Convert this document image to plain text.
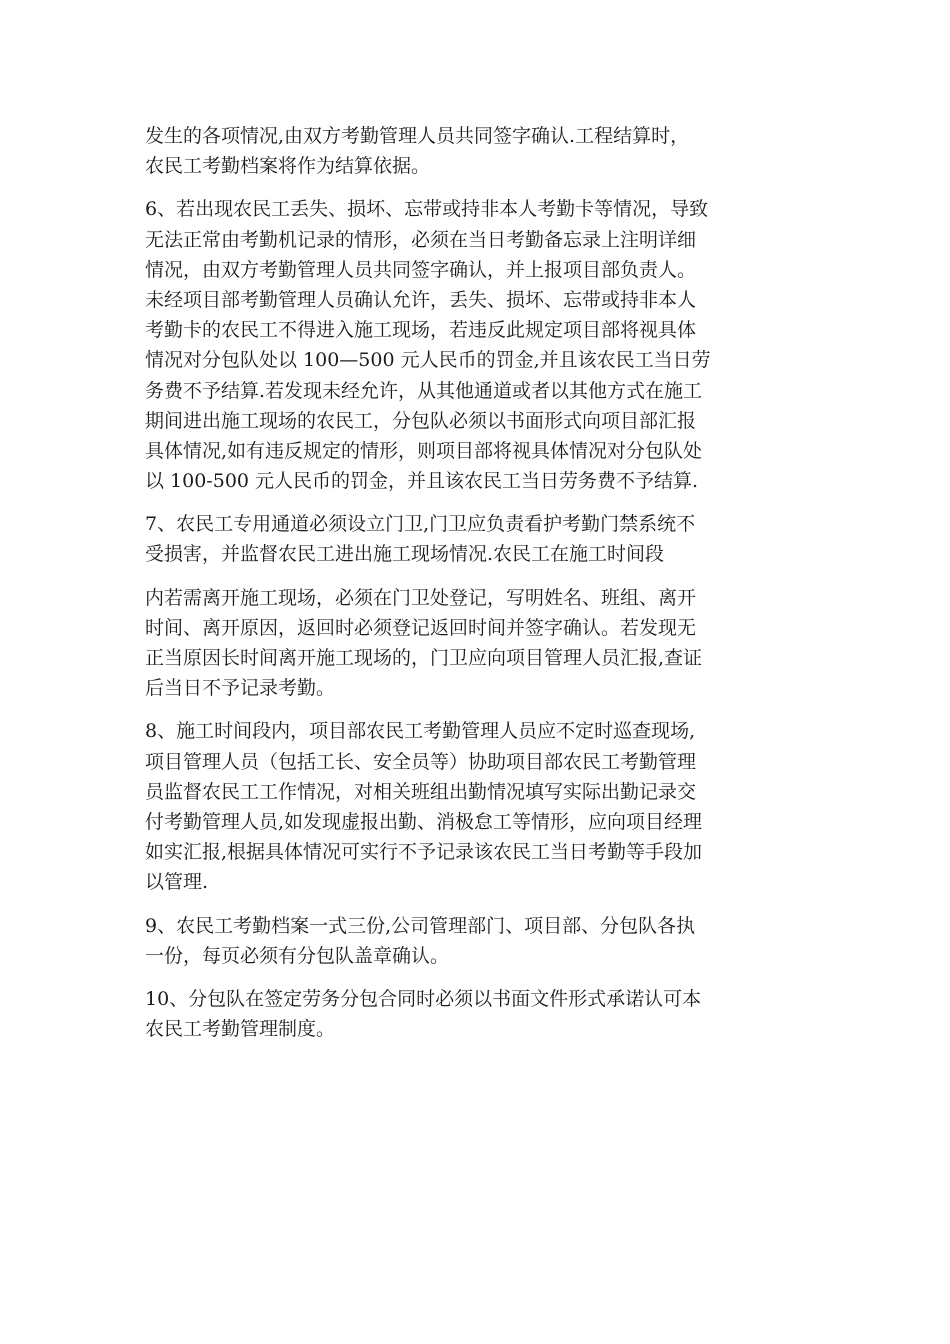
发生的各项情况,由双方考勤管理人员共同签字确认.工程结算时，
农民工考勤档案将作为结算依据。
6、若出现农民工丢失、损坏、忘带或持非本人考勤卡等情况，导致
无法正常由考勤机记录的情形，必须在当日考勤备忘录上注明详细
情况，由双方考勤管理人员共同签字确认，并上报项目部负责人。
未经项目部考勤管理人员确认允许，丢失、损坏、忘带或持非本人
考勤卡的农民工不得进入施工现场，若违反此规定项目部将视具体
情况对分包队处以 100—500 元人民币的罚金,并且该农民工当日劳
务费不予结算.若发现未经允许，从其他通道或者以其他方式在施工
期间进出施工现场的农民工，分包队必须以书面形式向项目部汇报
具体情况,如有违反规定的情形，则项目部将视具体情况对分包队处
以 100-500 元人民币的罚金，并且该农民工当日劳务费不予结算.
7、农民工专用通道必须设立门卫,门卫应负责看护考勤门禁系统不
受损害，并监督农民工进出施工现场情况.农民工在施工时间段
内若需离开施工现场，必须在门卫处登记，写明姓名、班组、离开
时间、离开原因，返回时必须登记返回时间并签字确认。若发现无
正当原因长时间离开施工现场的，门卫应向项目管理人员汇报,查证
后当日不予记录考勤。
8、施工时间段内，项目部农民工考勤管理人员应不定时巡查现场,
项目管理人员（包括工长、安全员等）协助项目部农民工考勤管理
员监督农民工工作情况，对相关班组出勤情况填写实际出勤记录交
付考勤管理人员,如发现虚报出勤、消极怠工等情形，应向项目经理
如实汇报,根据具体情况可实行不予记录该农民工当日考勤等手段加
以管理.
9、农民工考勤档案一式三份,公司管理部门、项目部、分包队各执
一份，每页必须有分包队盖章确认。
10、分包队在签定劳务分包合同时必须以书面文件形式承诺认可本
农民工考勤管理制度。
